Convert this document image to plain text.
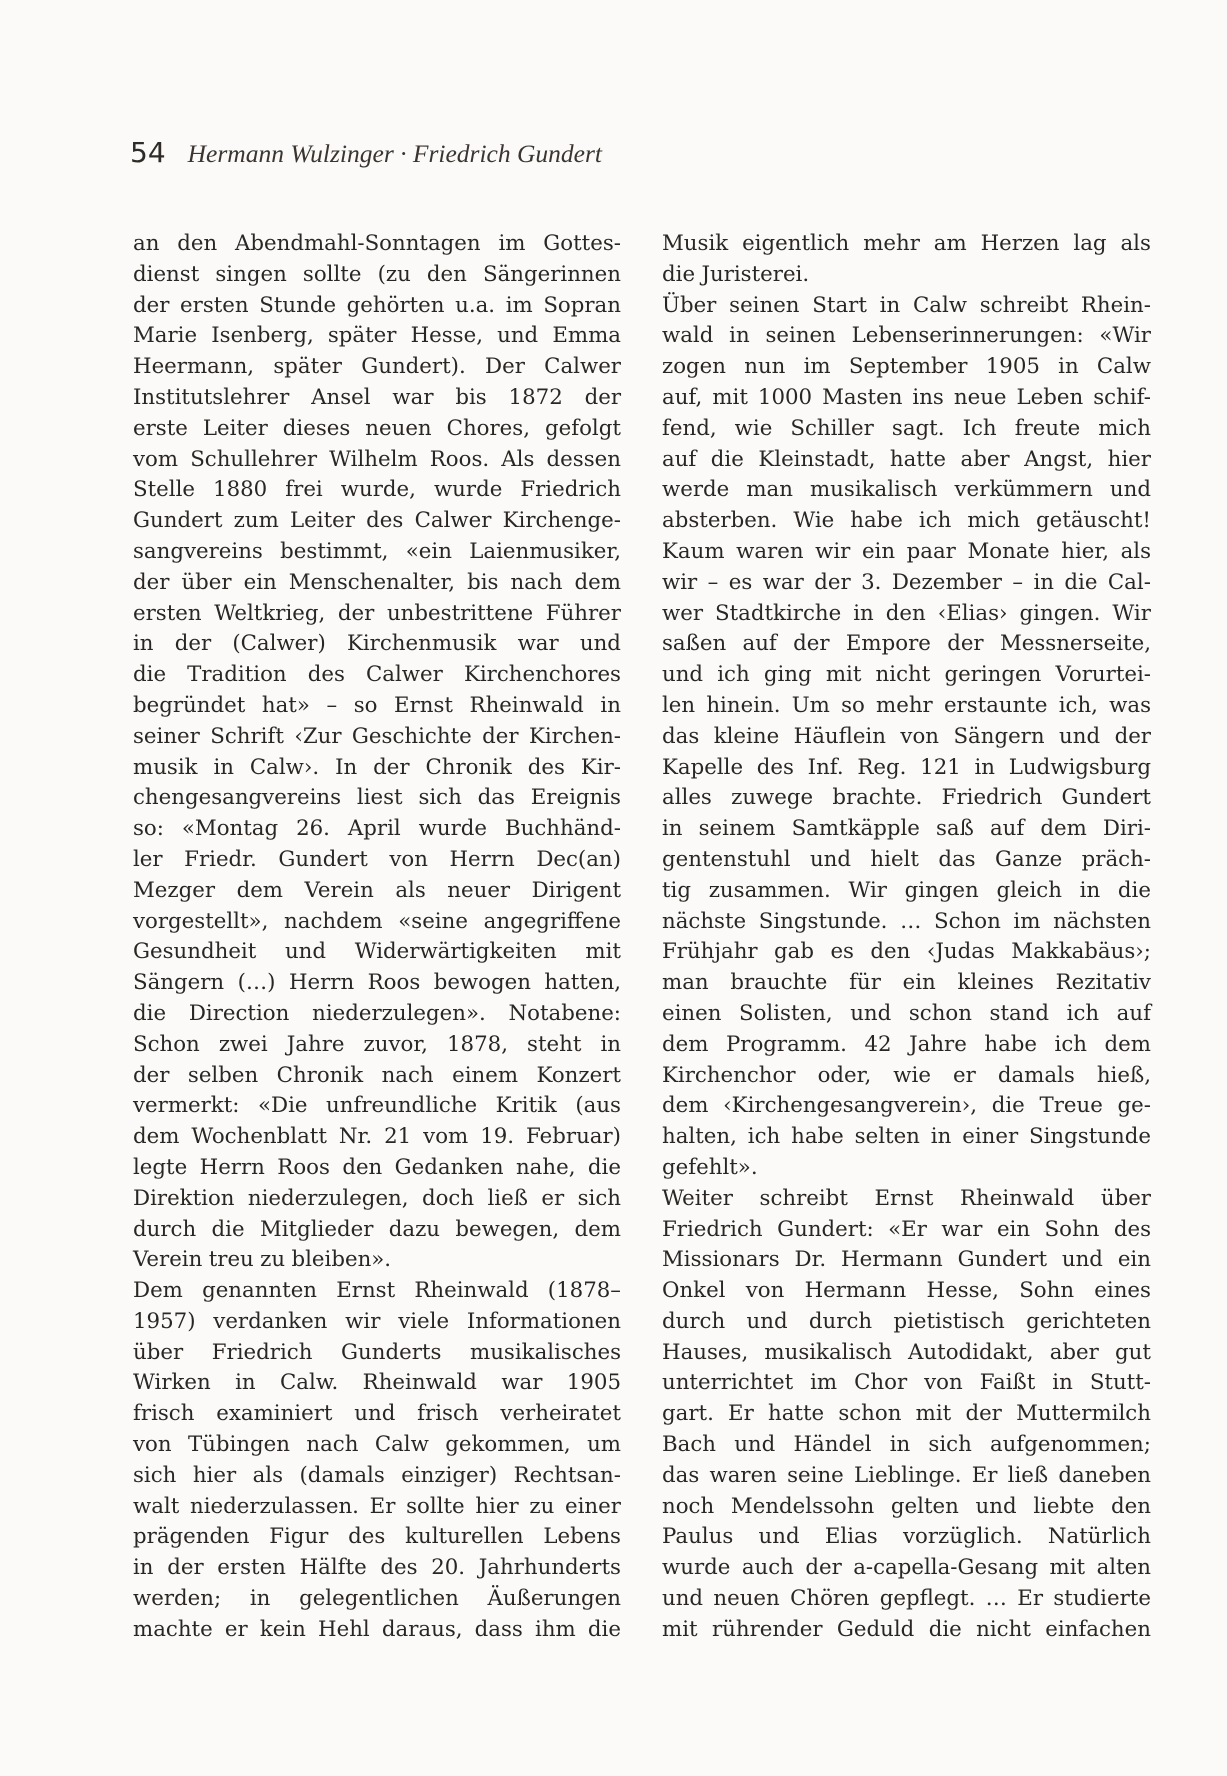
54 Hermann Wulzinger · Friedrich Gundert
an den Abendmahl-Sonntagen im Gottes-
dienst singen sollte (zu den Sängerinnen
der ersten Stunde gehörten u.a. im Sopran
Marie Isenberg, später Hesse, und Emma
Heermann, später Gundert). Der Calwer
Institutslehrer Ansel war bis 1872 der
erste Leiter dieses neuen Chores, gefolgt
vom Schullehrer Wilhelm Roos. Als dessen
Stelle 1880 frei wurde, wurde Friedrich
Gundert zum Leiter des Calwer Kirchenge-
sangvereins bestimmt, «ein Laienmusiker,
der über ein Menschenalter, bis nach dem
ersten Weltkrieg, der unbestrittene Führer
in der (Calwer) Kirchenmusik war und
die Tradition des Calwer Kirchenchores
begründet hat» – so Ernst Rheinwald in
seiner Schrift ‹Zur Geschichte der Kirchen-
musik in Calw›. In der Chronik des Kir-
chengesangvereins liest sich das Ereignis
so: «Montag 26. April wurde Buchhänd-
ler Friedr. Gundert von Herrn Dec(an)
Mezger dem Verein als neuer Dirigent
vorgestellt», nachdem «seine angegriffene
Gesundheit und Widerwärtigkeiten mit
Sängern (…) Herrn Roos bewogen hatten,
die Direction niederzulegen». Notabene:
Schon zwei Jahre zuvor, 1878, steht in
der selben Chronik nach einem Konzert
vermerkt: «Die unfreundliche Kritik (aus
dem Wochenblatt Nr. 21 vom 19. Februar)
legte Herrn Roos den Gedanken nahe, die
Direktion niederzulegen, doch ließ er sich
durch die Mitglieder dazu bewegen, dem
Verein treu zu bleiben».
Dem genannten Ernst Rheinwald (1878–
1957) verdanken wir viele Informationen
über Friedrich Gunderts musikalisches
Wirken in Calw. Rheinwald war 1905
frisch examiniert und frisch verheiratet
von Tübingen nach Calw gekommen, um
sich hier als (damals einziger) Rechtsan-
walt niederzulassen. Er sollte hier zu einer
prägenden Figur des kulturellen Lebens
in der ersten Hälfte des 20. Jahrhunderts
werden; in gelegentlichen Äußerungen
machte er kein Hehl daraus, dass ihm die
Musik eigentlich mehr am Herzen lag als
die Juristerei.
Über seinen Start in Calw schreibt Rhein-
wald in seinen Lebenserinnerungen: «Wir
zogen nun im September 1905 in Calw
auf, mit 1000 Masten ins neue Leben schif-
fend, wie Schiller sagt. Ich freute mich
auf die Kleinstadt, hatte aber Angst, hier
werde man musikalisch verkümmern und
absterben. Wie habe ich mich getäuscht!
Kaum waren wir ein paar Monate hier, als
wir – es war der 3. Dezember – in die Cal-
wer Stadtkirche in den ‹Elias› gingen. Wir
saßen auf der Empore der Messnerseite,
und ich ging mit nicht geringen Vorurtei-
len hinein. Um so mehr erstaunte ich, was
das kleine Häuflein von Sängern und der
Kapelle des Inf. Reg. 121 in Ludwigsburg
alles zuwege brachte. Friedrich Gundert
in seinem Samtkäpple saß auf dem Diri-
gentenstuhl und hielt das Ganze präch-
tig zusammen. Wir gingen gleich in die
nächste Singstunde. … Schon im nächsten
Frühjahr gab es den ‹Judas Makkabäus›;
man brauchte für ein kleines Rezitativ
einen Solisten, und schon stand ich auf
dem Programm. 42 Jahre habe ich dem
Kirchenchor oder, wie er damals hieß,
dem ‹Kirchengesangverein›, die Treue ge-
halten, ich habe selten in einer Singstunde
gefehlt».
Weiter schreibt Ernst Rheinwald über
Friedrich Gundert: «Er war ein Sohn des
Missionars Dr. Hermann Gundert und ein
Onkel von Hermann Hesse, Sohn eines
durch und durch pietistisch gerichteten
Hauses, musikalisch Autodidakt, aber gut
unterrichtet im Chor von Faißt in Stutt-
gart. Er hatte schon mit der Muttermilch
Bach und Händel in sich aufgenommen;
das waren seine Lieblinge. Er ließ daneben
noch Mendelssohn gelten und liebte den
Paulus und Elias vorzüglich. Natürlich
wurde auch der a-capella-Gesang mit alten
und neuen Chören gepflegt. … Er studierte
mit rührender Geduld die nicht einfachen
